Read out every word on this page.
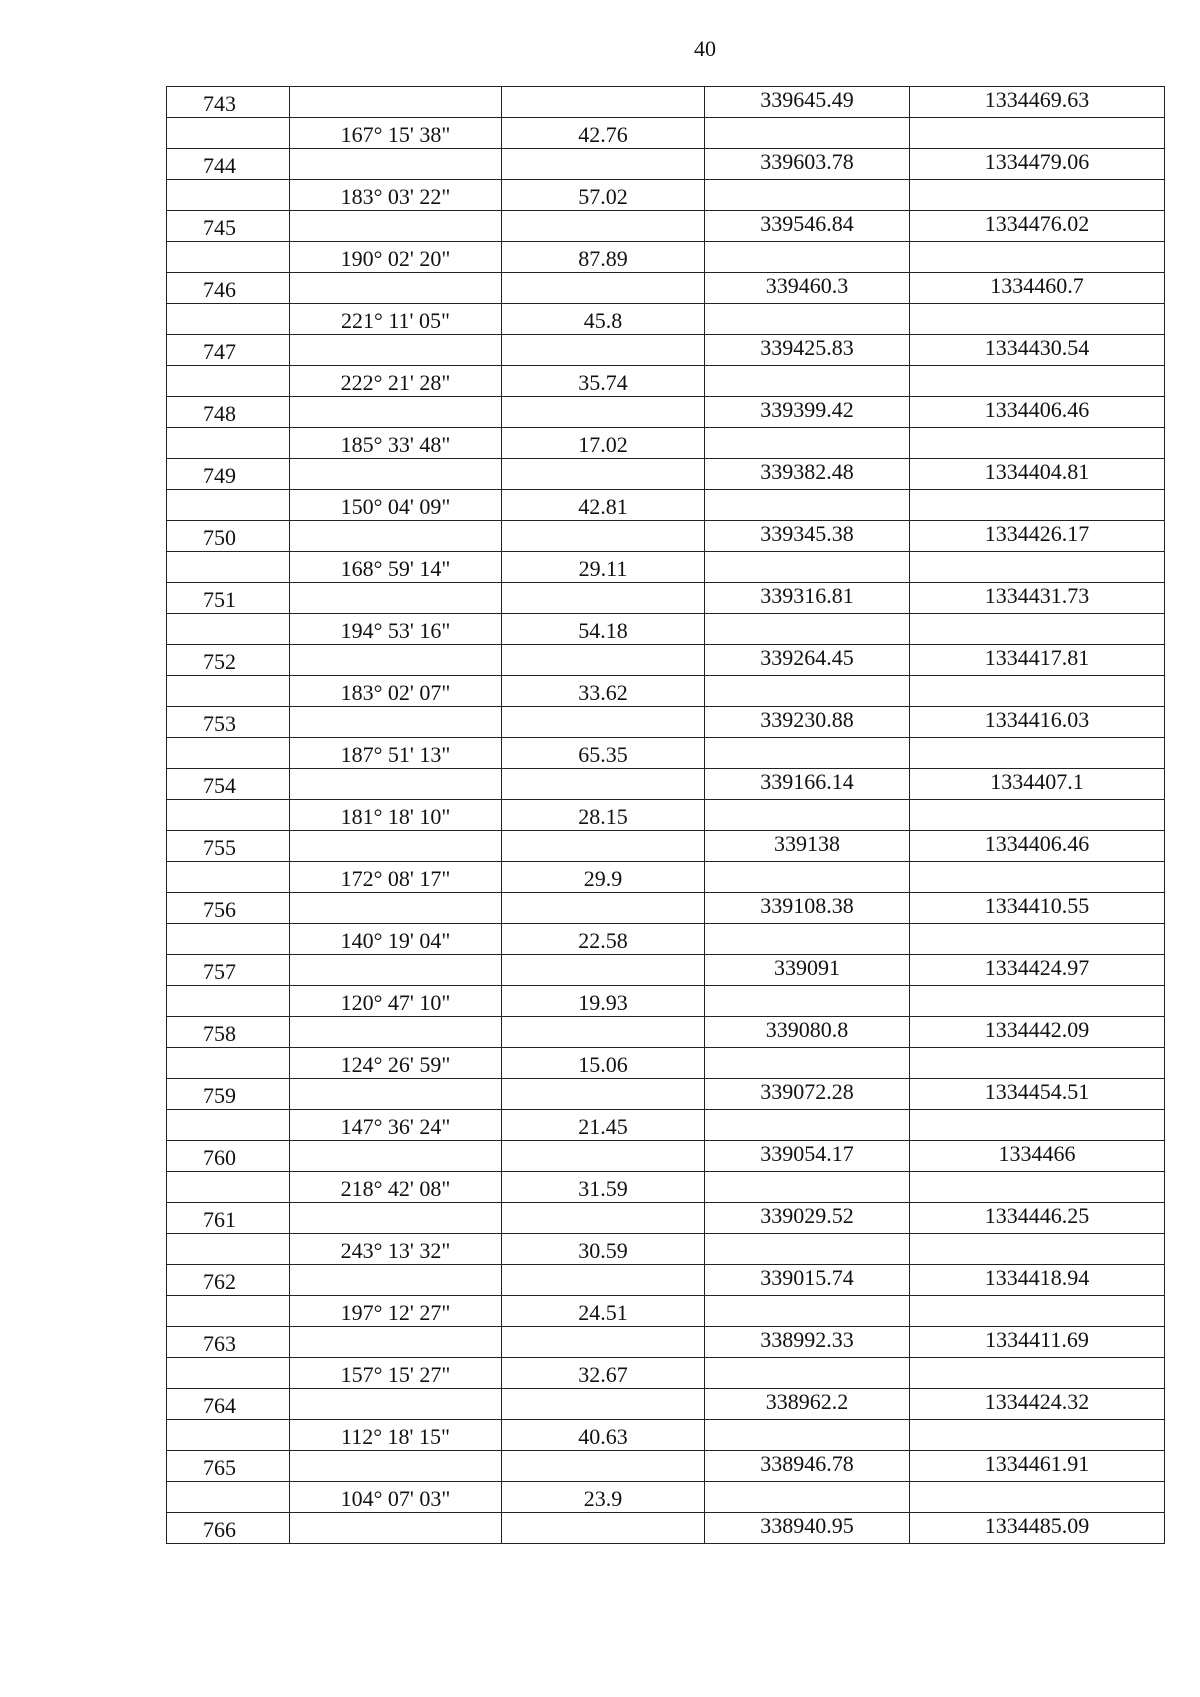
40
743			339645.49	1334469.63
	167° 15' 38"	42.76		
744			339603.78	1334479.06
	183° 03' 22"	57.02		
745			339546.84	1334476.02
	190° 02' 20"	87.89		
746			339460.3	1334460.7
	221° 11' 05"	45.8		
747			339425.83	1334430.54
	222° 21' 28"	35.74		
748			339399.42	1334406.46
	185° 33' 48"	17.02		
749			339382.48	1334404.81
	150° 04' 09"	42.81		
750			339345.38	1334426.17
	168° 59' 14"	29.11		
751			339316.81	1334431.73
	194° 53' 16"	54.18		
752			339264.45	1334417.81
	183° 02' 07"	33.62		
753			339230.88	1334416.03
	187° 51' 13"	65.35		
754			339166.14	1334407.1
	181° 18' 10"	28.15		
755			339138	1334406.46
	172° 08' 17"	29.9		
756			339108.38	1334410.55
	140° 19' 04"	22.58		
757			339091	1334424.97
	120° 47' 10"	19.93		
758			339080.8	1334442.09
	124° 26' 59"	15.06		
759			339072.28	1334454.51
	147° 36' 24"	21.45		
760			339054.17	1334466
	218° 42' 08"	31.59		
761			339029.52	1334446.25
	243° 13' 32"	30.59		
762			339015.74	1334418.94
	197° 12' 27"	24.51		
763			338992.33	1334411.69
	157° 15' 27"	32.67		
764			338962.2	1334424.32
	112° 18' 15"	40.63		
765			338946.78	1334461.91
	104° 07' 03"	23.9		
766			338940.95	1334485.09
